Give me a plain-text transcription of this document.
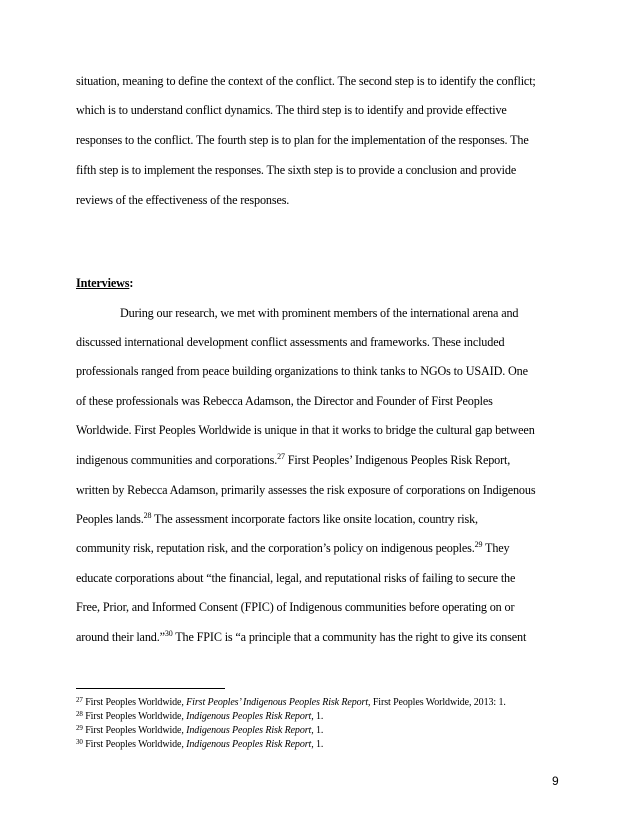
situation, meaning to define the context of the conflict. The second step is to identify the conflict;
which is to understand conflict dynamics. The third step is to identify and provide effective
responses to the conflict. The fourth step is to plan for the implementation of the responses. The
fifth step is to implement the responses. The sixth step is to provide a conclusion and provide
reviews of the effectiveness of the responses.
Interviews:
During our research, we met with prominent members of the international arena and
discussed international development conflict assessments and frameworks. These included
professionals ranged from peace building organizations to think tanks to NGOs to USAID. One
of these professionals was Rebecca Adamson, the Director and Founder of First Peoples
Worldwide. First Peoples Worldwide is unique in that it works to bridge the cultural gap between
indigenous communities and corporations.$^{27}$ First Peoples’ Indigenous Peoples Risk Report,
written by Rebecca Adamson, primarily assesses the risk exposure of corporations on Indigenous
Peoples lands.$^{28}$ The assessment incorporate factors like onsite location, country risk,
community risk, reputation risk, and the corporation’s policy on indigenous peoples.$^{29}$ They
educate corporations about “the financial, legal, and reputational risks of failing to secure the
Free, Prior, and Informed Consent (FPIC) of Indigenous communities before operating on or
around their land.”$^{30}$ The FPIC is “a principle that a community has the right to give its consent
$^{27}$ First Peoples Worldwide, First Peoples’ Indigenous Peoples Risk Report, First Peoples Worldwide, 2013: 1.
$^{28}$ First Peoples Worldwide, Indigenous Peoples Risk Report, 1.
$^{29}$ First Peoples Worldwide, Indigenous Peoples Risk Report, 1.
$^{30}$ First Peoples Worldwide, Indigenous Peoples Risk Report, 1.
9
